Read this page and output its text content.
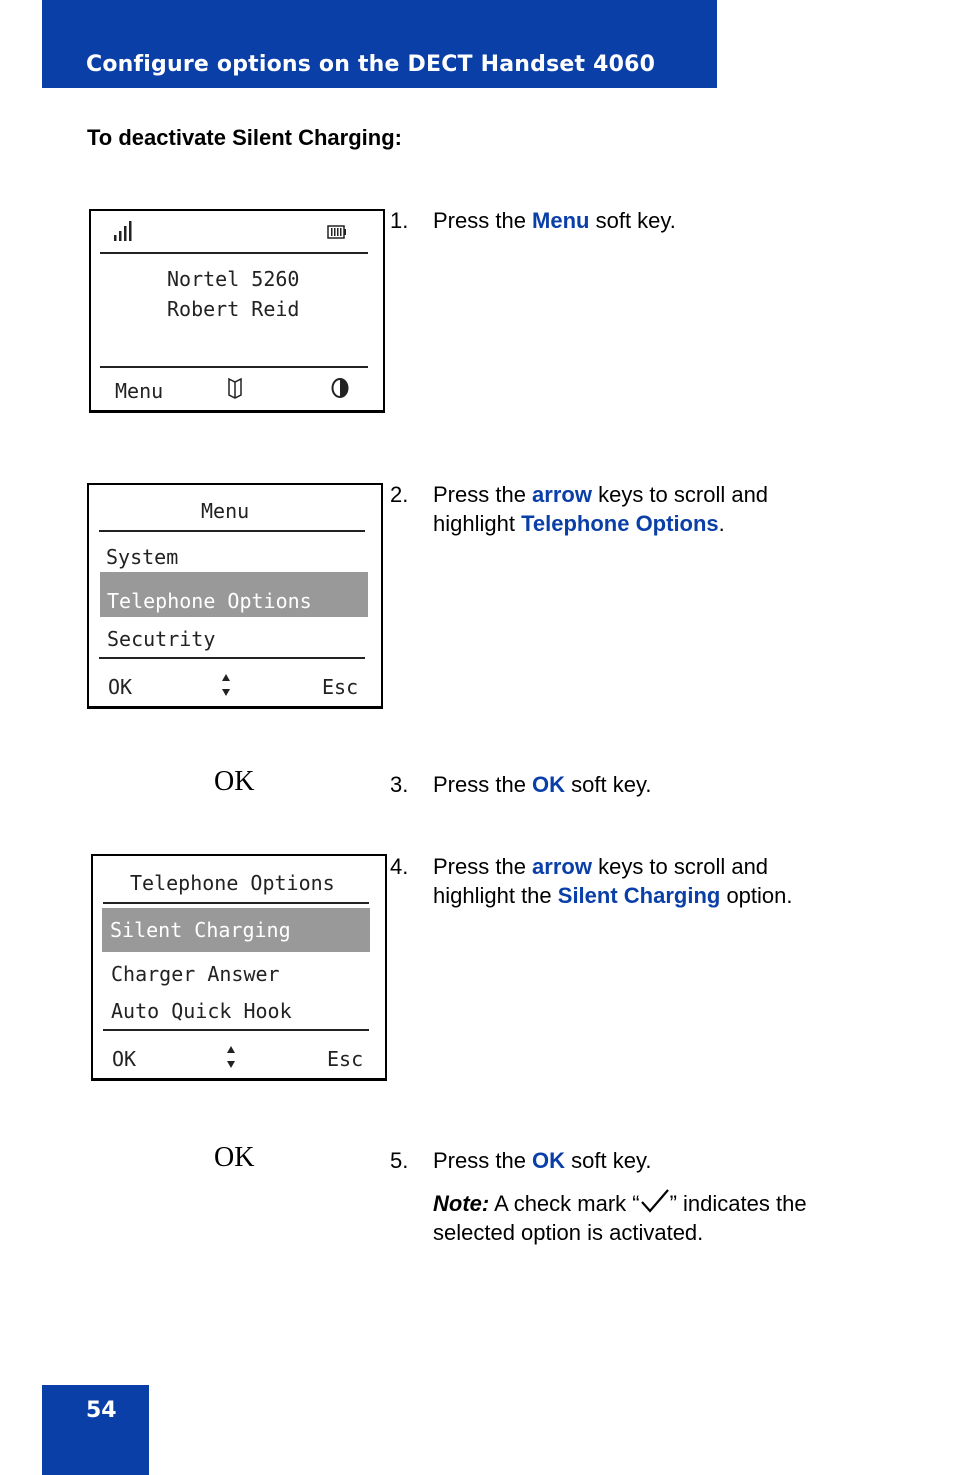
Configure options on the DECT Handset 4060
To deactivate Silent Charging:
Nortel 5260
Robert Reid
Menu
Menu
System
Telephone Options
Secutrity
OK	Esc
OK
Telephone Options
Silent Charging
Charger Answer
Auto Quick Hook
OK	Esc
OK
1. Press the Menu soft key.
2. Press the arrow keys to scroll and
highlight Telephone Options.
3. Press the OK soft key.
4. Press the arrow keys to scroll and
highlight the Silent Charging option.
5. Press the OK soft key.
Note: A check mark “ ” indicates the
selected option is activated.
54
